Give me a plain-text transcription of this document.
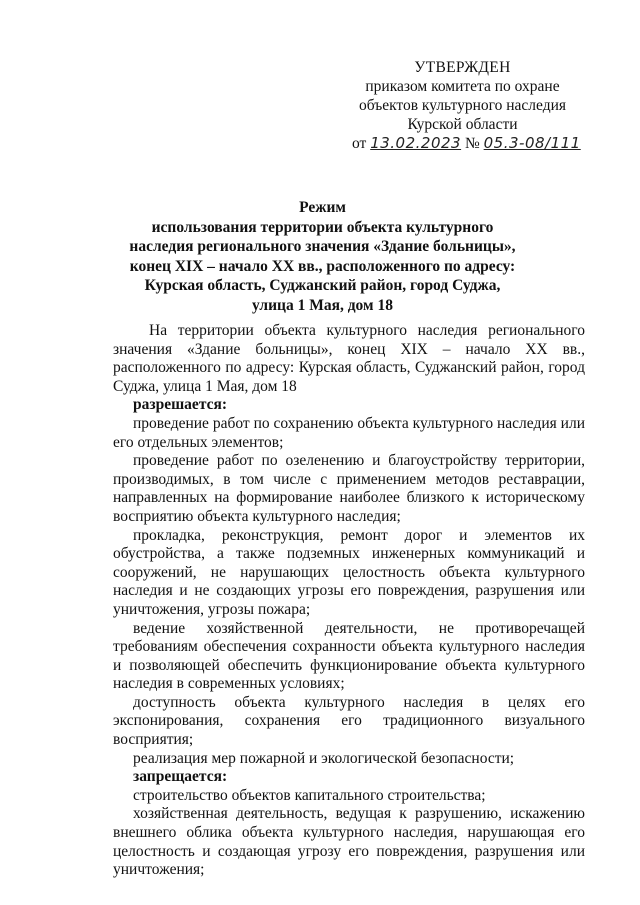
УТВЕРЖДЕН
приказом комитета по охране
объектов культурного наследия
Курской области
от 13.02.2023 № 05.3-08/111
Режим
использования территории объекта культурного
наследия регионального значения «Здание больницы»,
конец XIX – начало XX вв., расположенного по адресу:
Курская область, Суджанский район, город Суджа,
улица 1 Мая, дом 18

На территории объекта культурного наследия регионального значения «Здание больницы», конец XIX – начало XX вв., расположенного по адресу: Курская область, Суджанский район, город Суджа, улица 1 Мая, дом 18

разрешается:

проведение работ по сохранению объекта культурного наследия или его отдельных элементов;

проведение работ по озеленению и благоустройству территории, производимых, в том числе с применением методов реставрации, направленных на формирование наиболее близкого к историческому восприятию объекта культурного наследия;

прокладка, реконструкция, ремонт дорог и элементов их обустройства, а также подземных инженерных коммуникаций и сооружений, не нарушающих целостность объекта культурного наследия и не создающих угрозы его повреждения, разрушения или уничтожения, угрозы пожара;

ведение хозяйственной деятельности, не противоречащей требованиям обеспечения сохранности объекта культурного наследия и позволяющей обеспечить функционирование объекта культурного наследия в современных условиях;

доступность объекта культурного наследия в целях его экспонирования, сохранения его традиционного визуального восприятия;

реализация мер пожарной и экологической безопасности;

запрещается:

строительство объектов капитального строительства;

хозяйственная деятельность, ведущая к разрушению, искажению внешнего облика объекта культурного наследия, нарушающая его целостность и создающая угрозу его повреждения, разрушения или уничтожения;
